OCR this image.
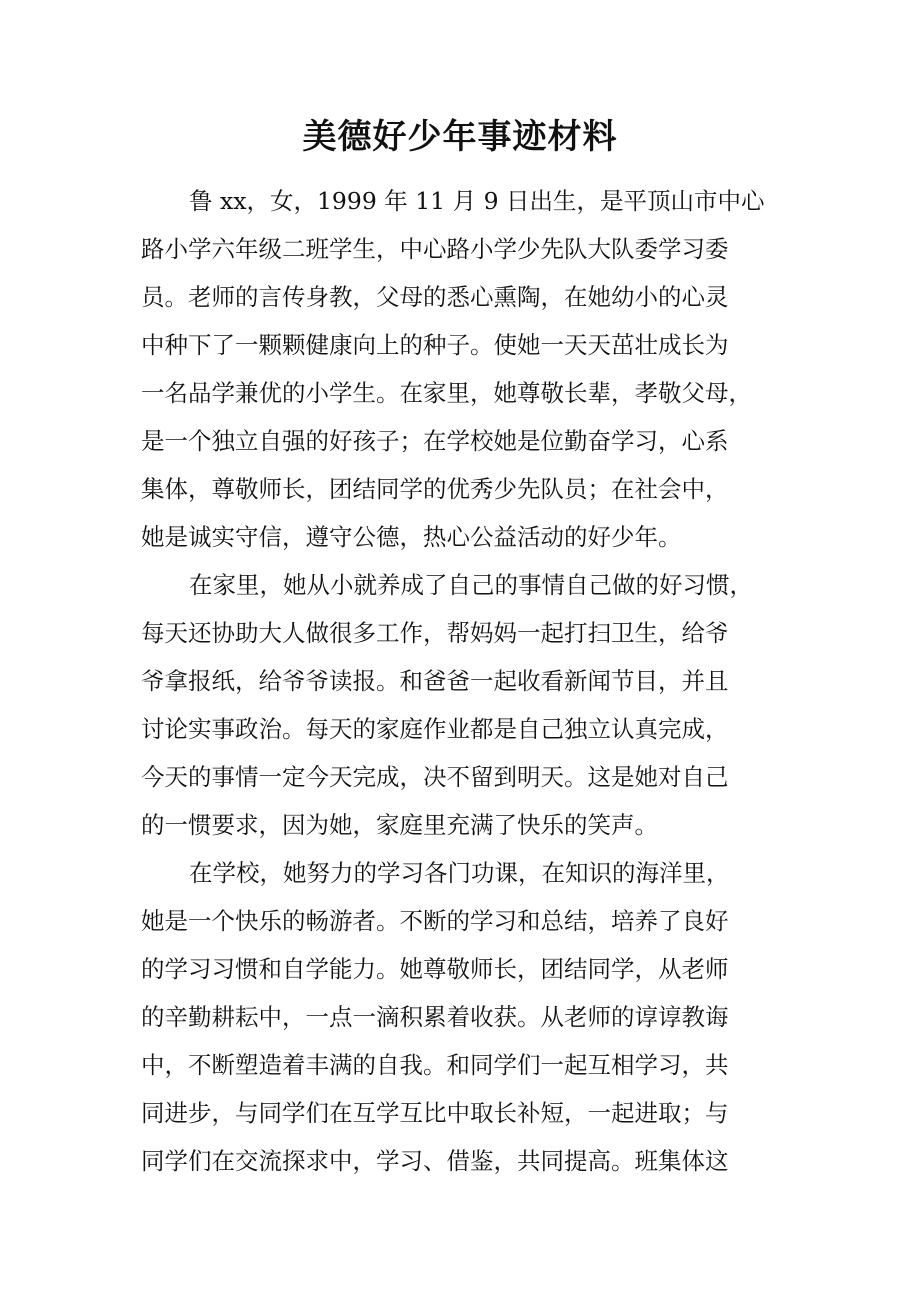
美德好少年事迹材料

鲁 xx，女，1999 年 11 月 9 日出生，是平顶山市中心

路小学六年级二班学生，中心路小学少先队大队委学习委

员。老师的言传身教，父母的悉心熏陶，在她幼小的心灵

中种下了一颗颗健康向上的种子。使她一天天茁壮成长为

一名品学兼优的小学生。在家里，她尊敬长辈，孝敬父母，

是一个独立自强的好孩子；在学校她是位勤奋学习，心系

集体，尊敬师长，团结同学的优秀少先队员；在社会中，

她是诚实守信，遵守公德，热心公益活动的好少年。

在家里，她从小就养成了自己的事情自己做的好习惯，

每天还协助大人做很多工作，帮妈妈一起打扫卫生，给爷

爷拿报纸，给爷爷读报。和爸爸一起收看新闻节目，并且

讨论实事政治。每天的家庭作业都是自己独立认真完成，

今天的事情一定今天完成，决不留到明天。这是她对自己

的一惯要求，因为她，家庭里充满了快乐的笑声。

在学校，她努力的学习各门功课，在知识的海洋里，

她是一个快乐的畅游者。不断的学习和总结，培养了良好

的学习习惯和自学能力。她尊敬师长，团结同学，从老师

的辛勤耕耘中，一点一滴积累着收获。从老师的谆谆教诲

中，不断塑造着丰满的自我。和同学们一起互相学习，共

同进步，与同学们在互学互比中取长补短，一起进取；与

同学们在交流探求中，学习、借鉴，共同提高。班集体这
